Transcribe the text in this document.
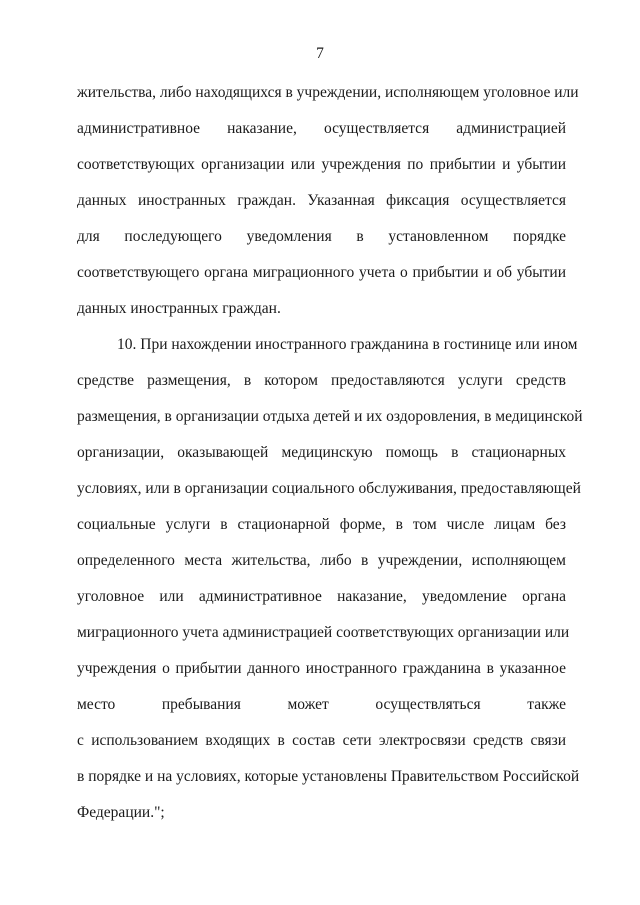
7
жительства, либо находящихся в учреждении, исполняющем уголовное или
административное наказание, осуществляется администрацией
соответствующих организации или учреждения по прибытии и убытии
данных иностранных граждан. Указанная фиксация осуществляется
для последующего уведомления в установленном порядке
соответствующего органа миграционного учета о прибытии и об убытии
данных иностранных граждан.
10. При нахождении иностранного гражданина в гостинице или ином
средстве размещения, в котором предоставляются услуги средств
размещения, в организации отдыха детей и их оздоровления, в медицинской
организации, оказывающей медицинскую помощь в стационарных
условиях, или в организации социального обслуживания, предоставляющей
социальные услуги в стационарной форме, в том числе лицам без
определенного места жительства, либо в учреждении, исполняющем
уголовное или административное наказание, уведомление органа
миграционного учета администрацией соответствующих организации или
учреждения о прибытии данного иностранного гражданина в указанное
место пребывания может осуществляться также
с использованием входящих в состав сети электросвязи средств связи
в порядке и на условиях, которые установлены Правительством Российской
Федерации.";
